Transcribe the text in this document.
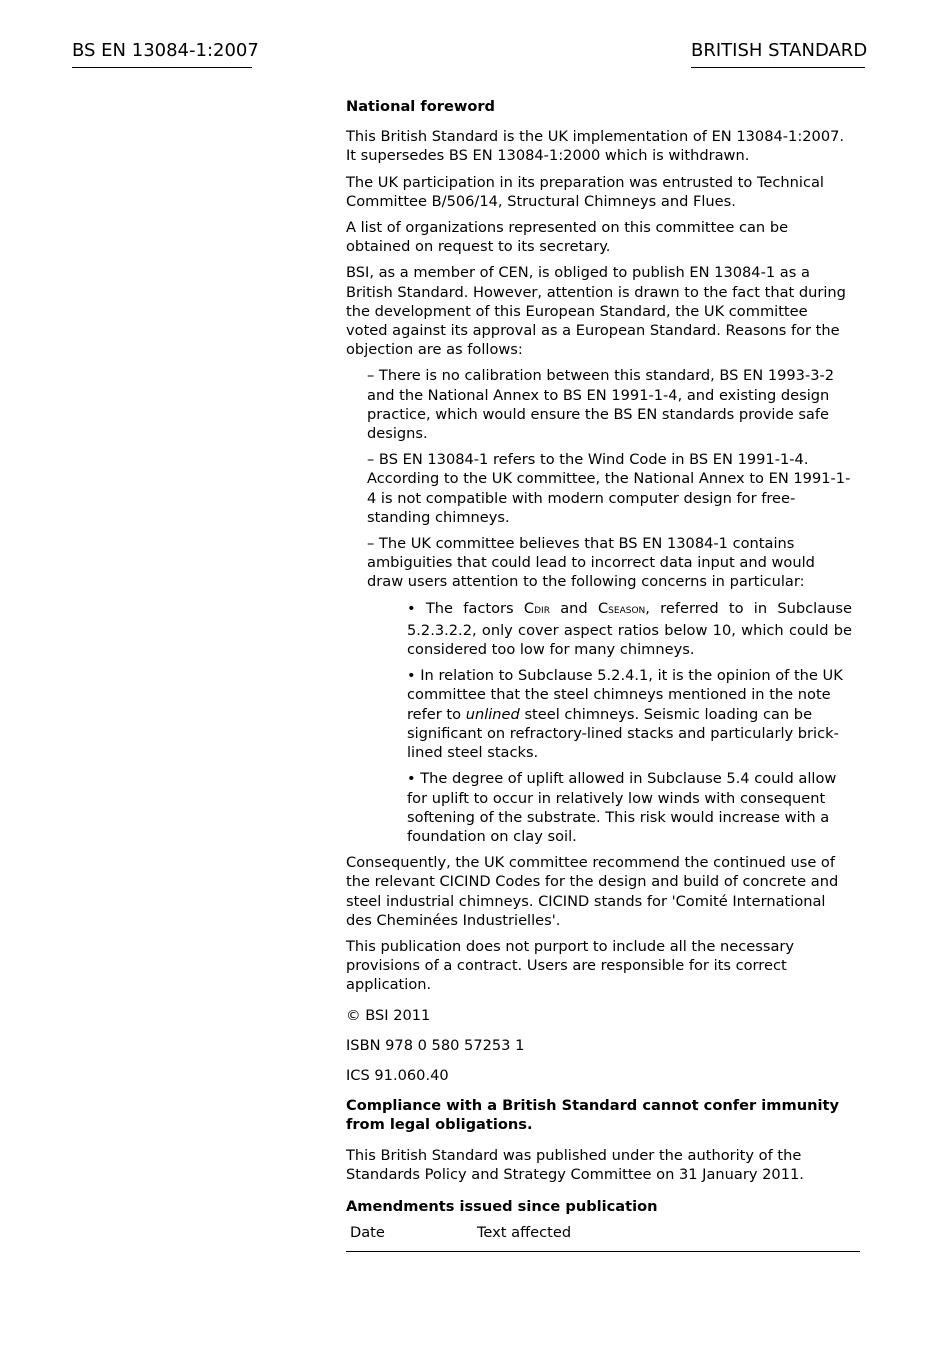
BS EN 13084-1:2007	BRITISH STANDARD

National foreword

This British Standard is the UK implementation of EN 13084-1:2007. It supersedes BS EN 13084-1:2000 which is withdrawn.

The UK participation in its preparation was entrusted to Technical Committee B/506/14, Structural Chimneys and Flues.

A list of organizations represented on this committee can be  obtained on request to its secretary.

BSI, as a member of CEN, is obliged to publish EN 13084-1 as a British Standard. However, attention is drawn to the fact that during the development of this European Standard, the UK committee voted against its approval as a European Standard. Reasons for the objection are as follows:

– There is no calibration between this standard, BS EN 1993-3-2 and the National Annex to BS EN 1991-1-4, and existing design practice, which would ensure the BS EN standards provide safe designs.

– BS EN 13084-1 refers to the Wind Code in BS EN 1991-1-4. According to the UK committee, the National Annex to EN 1991-1-4 is not compatible with modern computer design for free-standing chimneys.

– The UK committee believes that BS EN 13084-1 contains ambiguities that could lead to incorrect data input and would draw users attention to the following concerns in particular:

• The factors CDIR and CSEASON, referred to in Subclause 5.2.3.2.2, only cover aspect ratios below 10, which could be considered too low for many chimneys.

• In relation to Subclause 5.2.4.1, it is the opinion of the UK committee that the steel chimneys mentioned in the note refer to unlined steel chimneys. Seismic loading can be significant on refractory-lined stacks and particularly brick-lined steel stacks.

• The degree of uplift allowed in Subclause 5.4 could allow for uplift to occur in relatively low winds with consequent softening of the substrate. This risk would increase with a foundation on clay soil.

Consequently, the UK committee recommend the continued use of the relevant CICIND Codes for the design and build of concrete and steel industrial chimneys. CICIND stands for 'Comité International des Cheminées Industrielles'.

This publication does not purport to include all the necessary provisions of a contract. Users are responsible for its correct application.

© BSI 2011

ISBN 978 0 580 57253 1

ICS 91.060.40

Compliance with a British Standard cannot confer immunity from legal obligations.

This British Standard was published under the authority of the Standards Policy and Strategy Committee on 31 January 2011.

Amendments issued since publication

Date	Text affected
